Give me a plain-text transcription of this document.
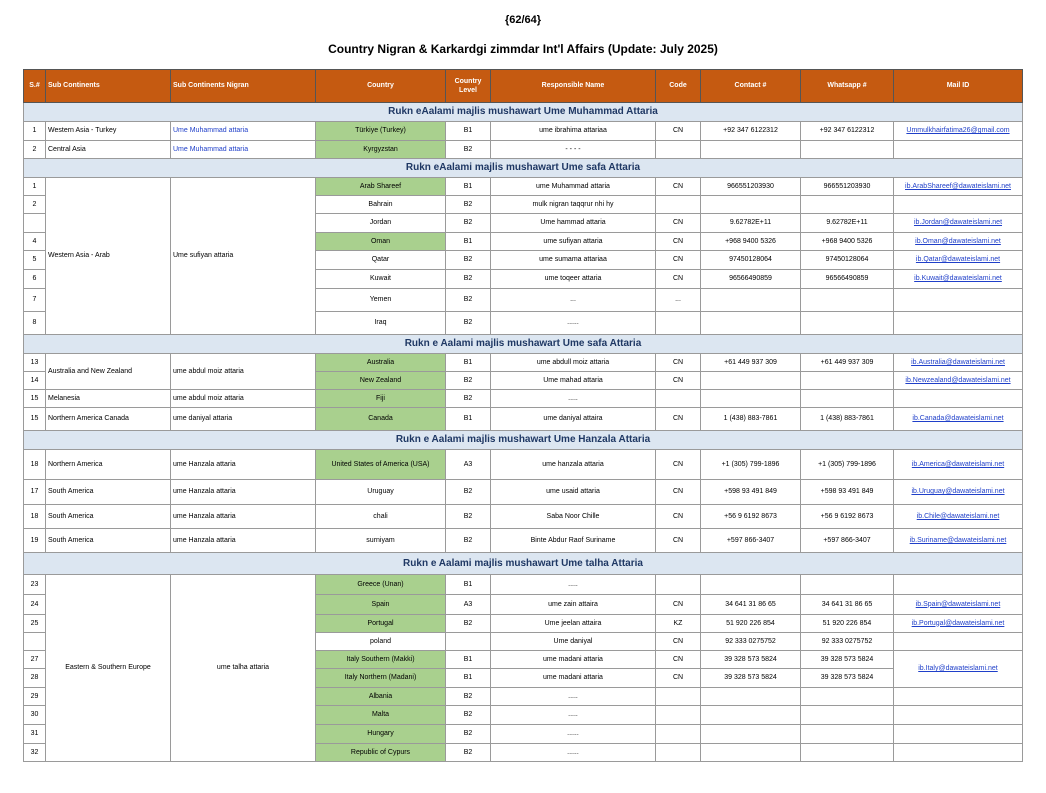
{62/64}
Country Nigran & Karkardgi zimmdar Int'l Affairs (Update: July 2025)
S.#	Sub Continents	Sub Continents Nigran	Country	Country Level	Responsible Name	Code	Contact #	Whatsapp #	Mail ID
Rukn eAalami majlis mushawart Ume Muhammad Attaria									
1	Western Asia - Turkey	Ume Muhammad attaria	Türkiye (Turkey)	B1	ume ibrahima attariaa	CN	+92 347 6122312	+92 347 6122312	Ummulkhairfatima26@gmail.com
2	Central Asia	Ume Muhammad attaria	Kyrgyzstan	B2	- - - -				
Rukn eAalami majlis mushawart Ume safa Attaria									
1	Western Asia - Arab	Ume sufiyan attaria	Arab Shareef	B1	ume Muhammad attaria	CN	966551203930	966551203930	ib.ArabShareef@dawateislami.net
2			Bahrain	B2	mulk nigran taqqrur nhi hy				
			Jordan	B2	Ume hammad attaria	CN	9.62782E+11	9.62782E+11	ib.Jordan@dawateislami.net
4			Oman	B1	ume sufiyan attaria	CN	+968 9400 5326	+968 9400 5326	ib.Oman@dawateislami.net
5			Qatar	B2	ume sumama attariaa	CN	97450128064	97450128064	ib.Qatar@dawateislami.net
6			Kuwait	B2	ume toqeer attaria	CN	96566490859	96566490859	ib.Kuwait@dawateislami.net
7			Yemen	B2	...	...			
8			Iraq	B2	......				
Rukn e Aalami majlis mushawart Ume safa Attaria									
13	Australia and New Zealand	ume abdul moiz attaria	Australia	B1	ume abdull moiz attaria	CN	+61 449 937 309	+61 449 937 309	ib.Australia@dawateislami.net
14			New Zealand	B2	Ume mahad attaria	CN			ib.Newzealand@dawateislami.net
15	Melanesia	ume abdul moiz attaria	Fiji	B2	.....				
15	Northern America Canada	ume daniyal attaria	Canada	B1	ume daniyal attaira	CN	1 (438) 883-7861	1 (438) 883-7861	ib.Canada@dawateislami.net
Rukn e Aalami majlis mushawart Ume Hanzala Attaria									
18	Northern America	ume Hanzala attaria	United States of America (USA)	A3	ume hanzala attaria	CN	+1 (305) 799-1896	+1 (305) 799-1896	ib.America@dawateislami.net
17	South America	ume Hanzala attaria	Uruguay	B2	ume usaid attaria	CN	+598 93 491 849	+598 93 491 849	ib.Uruguay@dawateislami.net
18	South America	ume Hanzala attaria	chali	B2	Saba Noor Chille	CN	+56 9 6192 8673	+56 9 6192 8673	ib.Chile@dawateislami.net
19	South America	ume Hanzala attaria	surniyam	B2	Binte Abdur Raof Suriname	CN	+597 866-3407	+597 866-3407	ib.Suriname@dawateislami.net
Rukn e Aalami majlis mushawart Ume talha Attaria									
23	Eastern & Southern Europe	ume talha attaria	Greece (Unan)	B1	.....				
24			Spain	A3	ume zain attaira	CN	34 641 31 86 65	34 641 31 86 65	ib.Spain@dawateislami.net
25			Portugal	B2	Ume jeelan attaira	KZ	51 920 226 854	51 920 226 854	ib.Portugal@dawateislami.net
			poland		Ume daniyal	CN	92 333 0275752	92 333 0275752	
27			Italy Southern (Makki)	B1	ume madani attaria	CN	39 328 573 5824	39 328 573 5824	ib.Italy@dawateislami.net
28			Italy Northern (Madani)	B1	ume madani attaria	CN	39 328 573 5824	39 328 573 5824	
29			Albania	B2	.....				
30			Malta	B2	.....				
31			Hungary	B2	......				
32			Republic of Cypurs	B2	......				
